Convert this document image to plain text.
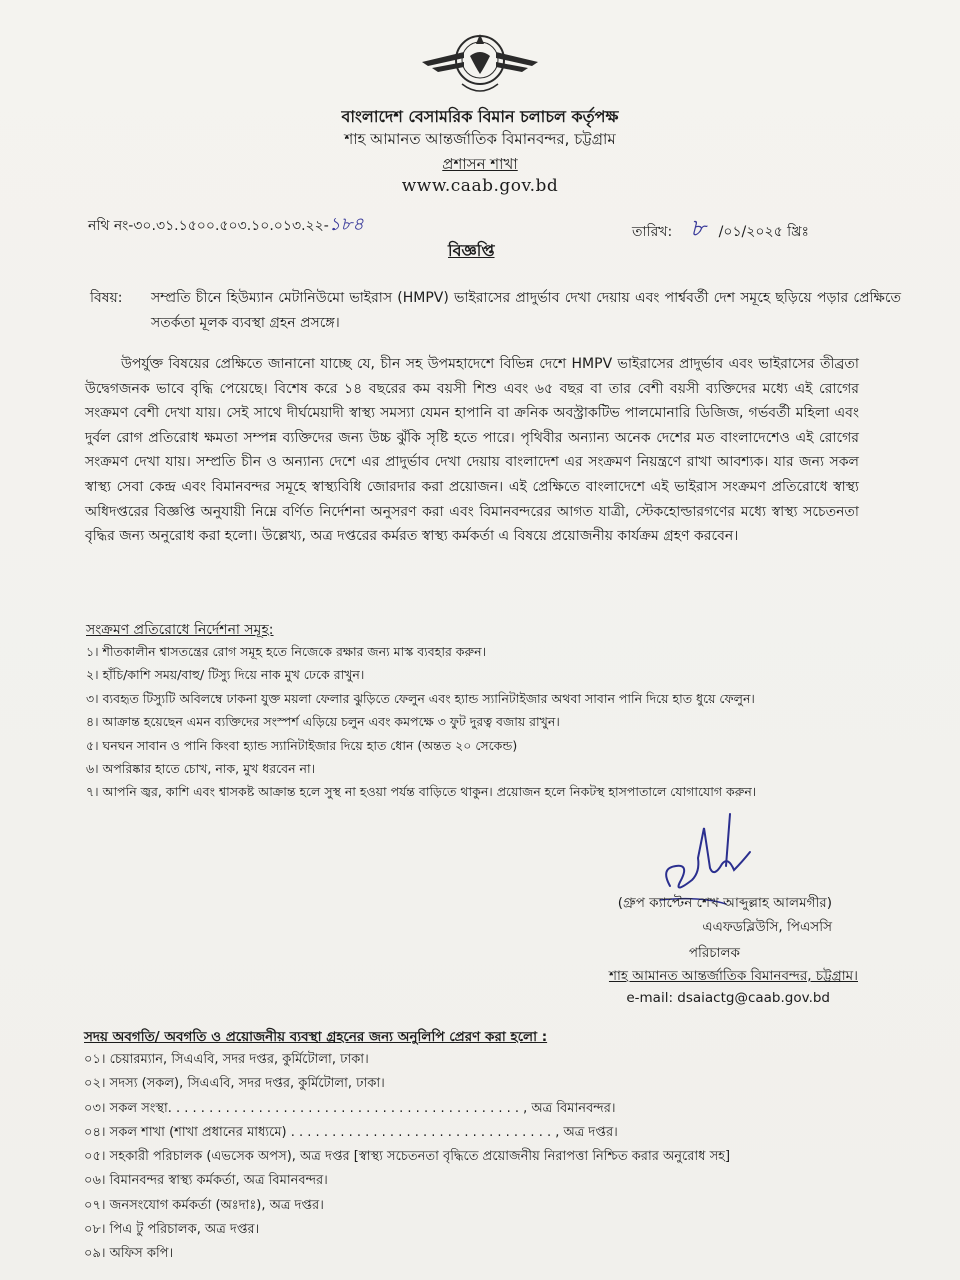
বাংলাদেশ বেসামরিক বিমান চলাচল কর্তৃপক্ষ
শাহ আমানত আন্তর্জাতিক বিমানবন্দর, চট্টগ্রাম
প্রশাসন শাখা
www.caab.gov.bd
নথি নং-৩০.৩১.১৫০০.৫০৩.১০.০১৩.২২-১৮৪	তারিখ: ৮ /০১/২০২৫ খ্রিঃ
বিজ্ঞপ্তি
বিষয়: সম্প্রতি চীনে হিউম্যান মেটানিউমো ভাইরাস (HMPV) ভাইরাসের প্রাদুর্ভাব দেখা দেয়ায় এবং পার্শ্ববর্তী দেশ সমূহে ছড়িয়ে পড়ার প্রেক্ষিতে সতর্কতা মূলক ব্যবস্থা গ্রহন প্রসঙ্গে।
উপর্যুক্ত বিষয়ের প্রেক্ষিতে জানানো যাচ্ছে যে, চীন সহ উপমহাদেশে বিভিন্ন দেশে HMPV ভাইরাসের প্রাদুর্ভাব এবং ভাইরাসের তীব্রতা উদ্বেগজনক ভাবে বৃদ্ধি পেয়েছে। বিশেষ করে ১৪ বছরের কম বয়সী শিশু এবং ৬৫ বছর বা তার বেশী বয়সী ব্যক্তিদের মধ্যে এই রোগের সংক্রমণ বেশী দেখা যায়। সেই সাথে দীর্ঘমেয়াদী স্বাস্থ্য সমস্যা যেমন হাপানি বা ক্রনিক অবস্ট্রাকটিভ পালমোনারি ডিজিজ, গর্ভবর্তী মহিলা এবং দুর্বল রোগ প্রতিরোধ ক্ষমতা সম্পন্ন ব্যক্তিদের জন্য উচ্চ ঝুঁকি সৃষ্টি হতে পারে। পৃথিবীর অন্যান্য অনেক দেশের মত বাংলাদেশেও এই রোগের সংক্রমণ দেখা যায়। সম্প্রতি চীন ও অন্যান্য দেশে এর প্রাদুর্ভাব দেখা দেয়ায় বাংলাদেশ এর সংক্রমণ নিয়ন্ত্রণে রাখা আবশ্যক। যার জন্য সকল স্বাস্থ্য সেবা কেন্দ্র এবং বিমানবন্দর সমূহে স্বাস্থ্যবিধি জোরদার করা প্রয়োজন। এই প্রেক্ষিতে বাংলাদেশে এই ভাইরাস সংক্রমণ প্রতিরোধে স্বাস্থ্য অধিদপ্তরের বিজ্ঞপ্তি অনুযায়ী নিম্নে বর্ণিত নির্দেশনা অনুসরণ করা এবং বিমানবন্দরের আগত যাত্রী, স্টেকহোল্ডারগণের মধ্যে স্বাস্থ্য সচেতনতা বৃদ্ধির জন্য অনুরোধ করা হলো। উল্লেখ্য, অত্র দপ্তরের কর্মরত স্বাস্থ্য কর্মকর্তা এ বিষয়ে প্রয়োজনীয় কার্যক্রম গ্রহণ করবেন।
সংক্রমণ প্রতিরোধে নির্দেশনা সমূহ:
১। শীতকালীন শ্বাসতন্ত্রের রোগ সমূহ হতে নিজেকে রক্ষার জন্য মাস্ক ব্যবহার করুন।
২। হাঁচি/কাশি সময়/বাহু/ টিস্যু দিয়ে নাক মুখ ঢেকে রাখুন।
৩। ব্যবহৃত টিস্যুটি অবিলম্বে ঢাকনা যুক্ত ময়লা ফেলার ঝুড়িতে ফেলুন এবং হ্যান্ড স্যানিটাইজার অথবা সাবান পানি দিয়ে হাত ধুয়ে ফেলুন।
৪। আক্রান্ত হয়েছেন এমন ব্যক্তিদের সংস্পর্শ এড়িয়ে চলুন এবং কমপক্ষে ৩ ফুট দুরত্ব বজায় রাখুন।
৫। ঘনঘন সাবান ও পানি কিংবা হ্যান্ড স্যানিটাইজার দিয়ে হাত ধোন (অন্তত ২০ সেকেন্ড)
৬। অপরিষ্কার হাতে চোখ, নাক, মুখ ধরবেন না।
৭। আপনি জ্বর, কাশি এবং শ্বাসকষ্ট আক্রান্ত হলে সুস্থ না হওয়া পর্যন্ত বাড়িতে থাকুন। প্রয়োজন হলে নিকটস্থ হাসপাতালে যোগাযোগ করুন।
(গ্রুপ ক্যাপ্টেন শেখ আব্দুল্লাহ আলমগীর)
এএফডব্লিউসি, পিএসসি
পরিচালক
শাহ আমানত আন্তর্জাতিক বিমানবন্দর, চট্টগ্রাম।
e-mail: dsaiactg@caab.gov.bd
সদয় অবগতি/ অবগতি ও প্রয়োজনীয় ব্যবস্থা গ্রহনের জন্য অনুলিপি প্রেরণ করা হলো :
০১। চেয়ারম্যান, সিএএবি, সদর দপ্তর, কুর্মিটোলা, ঢাকা।
০২। সদস্য (সকল), সিএএবি, সদর দপ্তর, কুর্মিটোলা, ঢাকা।
০৩। সকল সংস্থা. . . . . . . . . . . . . . . . . . . . . . . . . . . . . . . . . . . . . . . . . . . , অত্র বিমানবন্দর।
০৪। সকল শাখা (শাখা প্রধানের মাধ্যমে) . . . . . . . . . . . . . . . . . . . . . . . . . . . . . . . . , অত্র দপ্তর।
০৫। সহকারী পরিচালক (এভসেক অপস), অত্র দপ্তর [স্বাস্থ্য সচেতনতা বৃদ্ধিতে প্রয়োজনীয় নিরাপত্তা নিশ্চিত করার অনুরোধ সহ]
০৬। বিমানবন্দর স্বাস্থ্য কর্মকর্তা, অত্র বিমানবন্দর।
০৭। জনসংযোগ কর্মকর্তা (অঃদাঃ), অত্র দপ্তর।
০৮। পিএ টু পরিচালক, অত্র দপ্তর।
০৯। অফিস কপি।
